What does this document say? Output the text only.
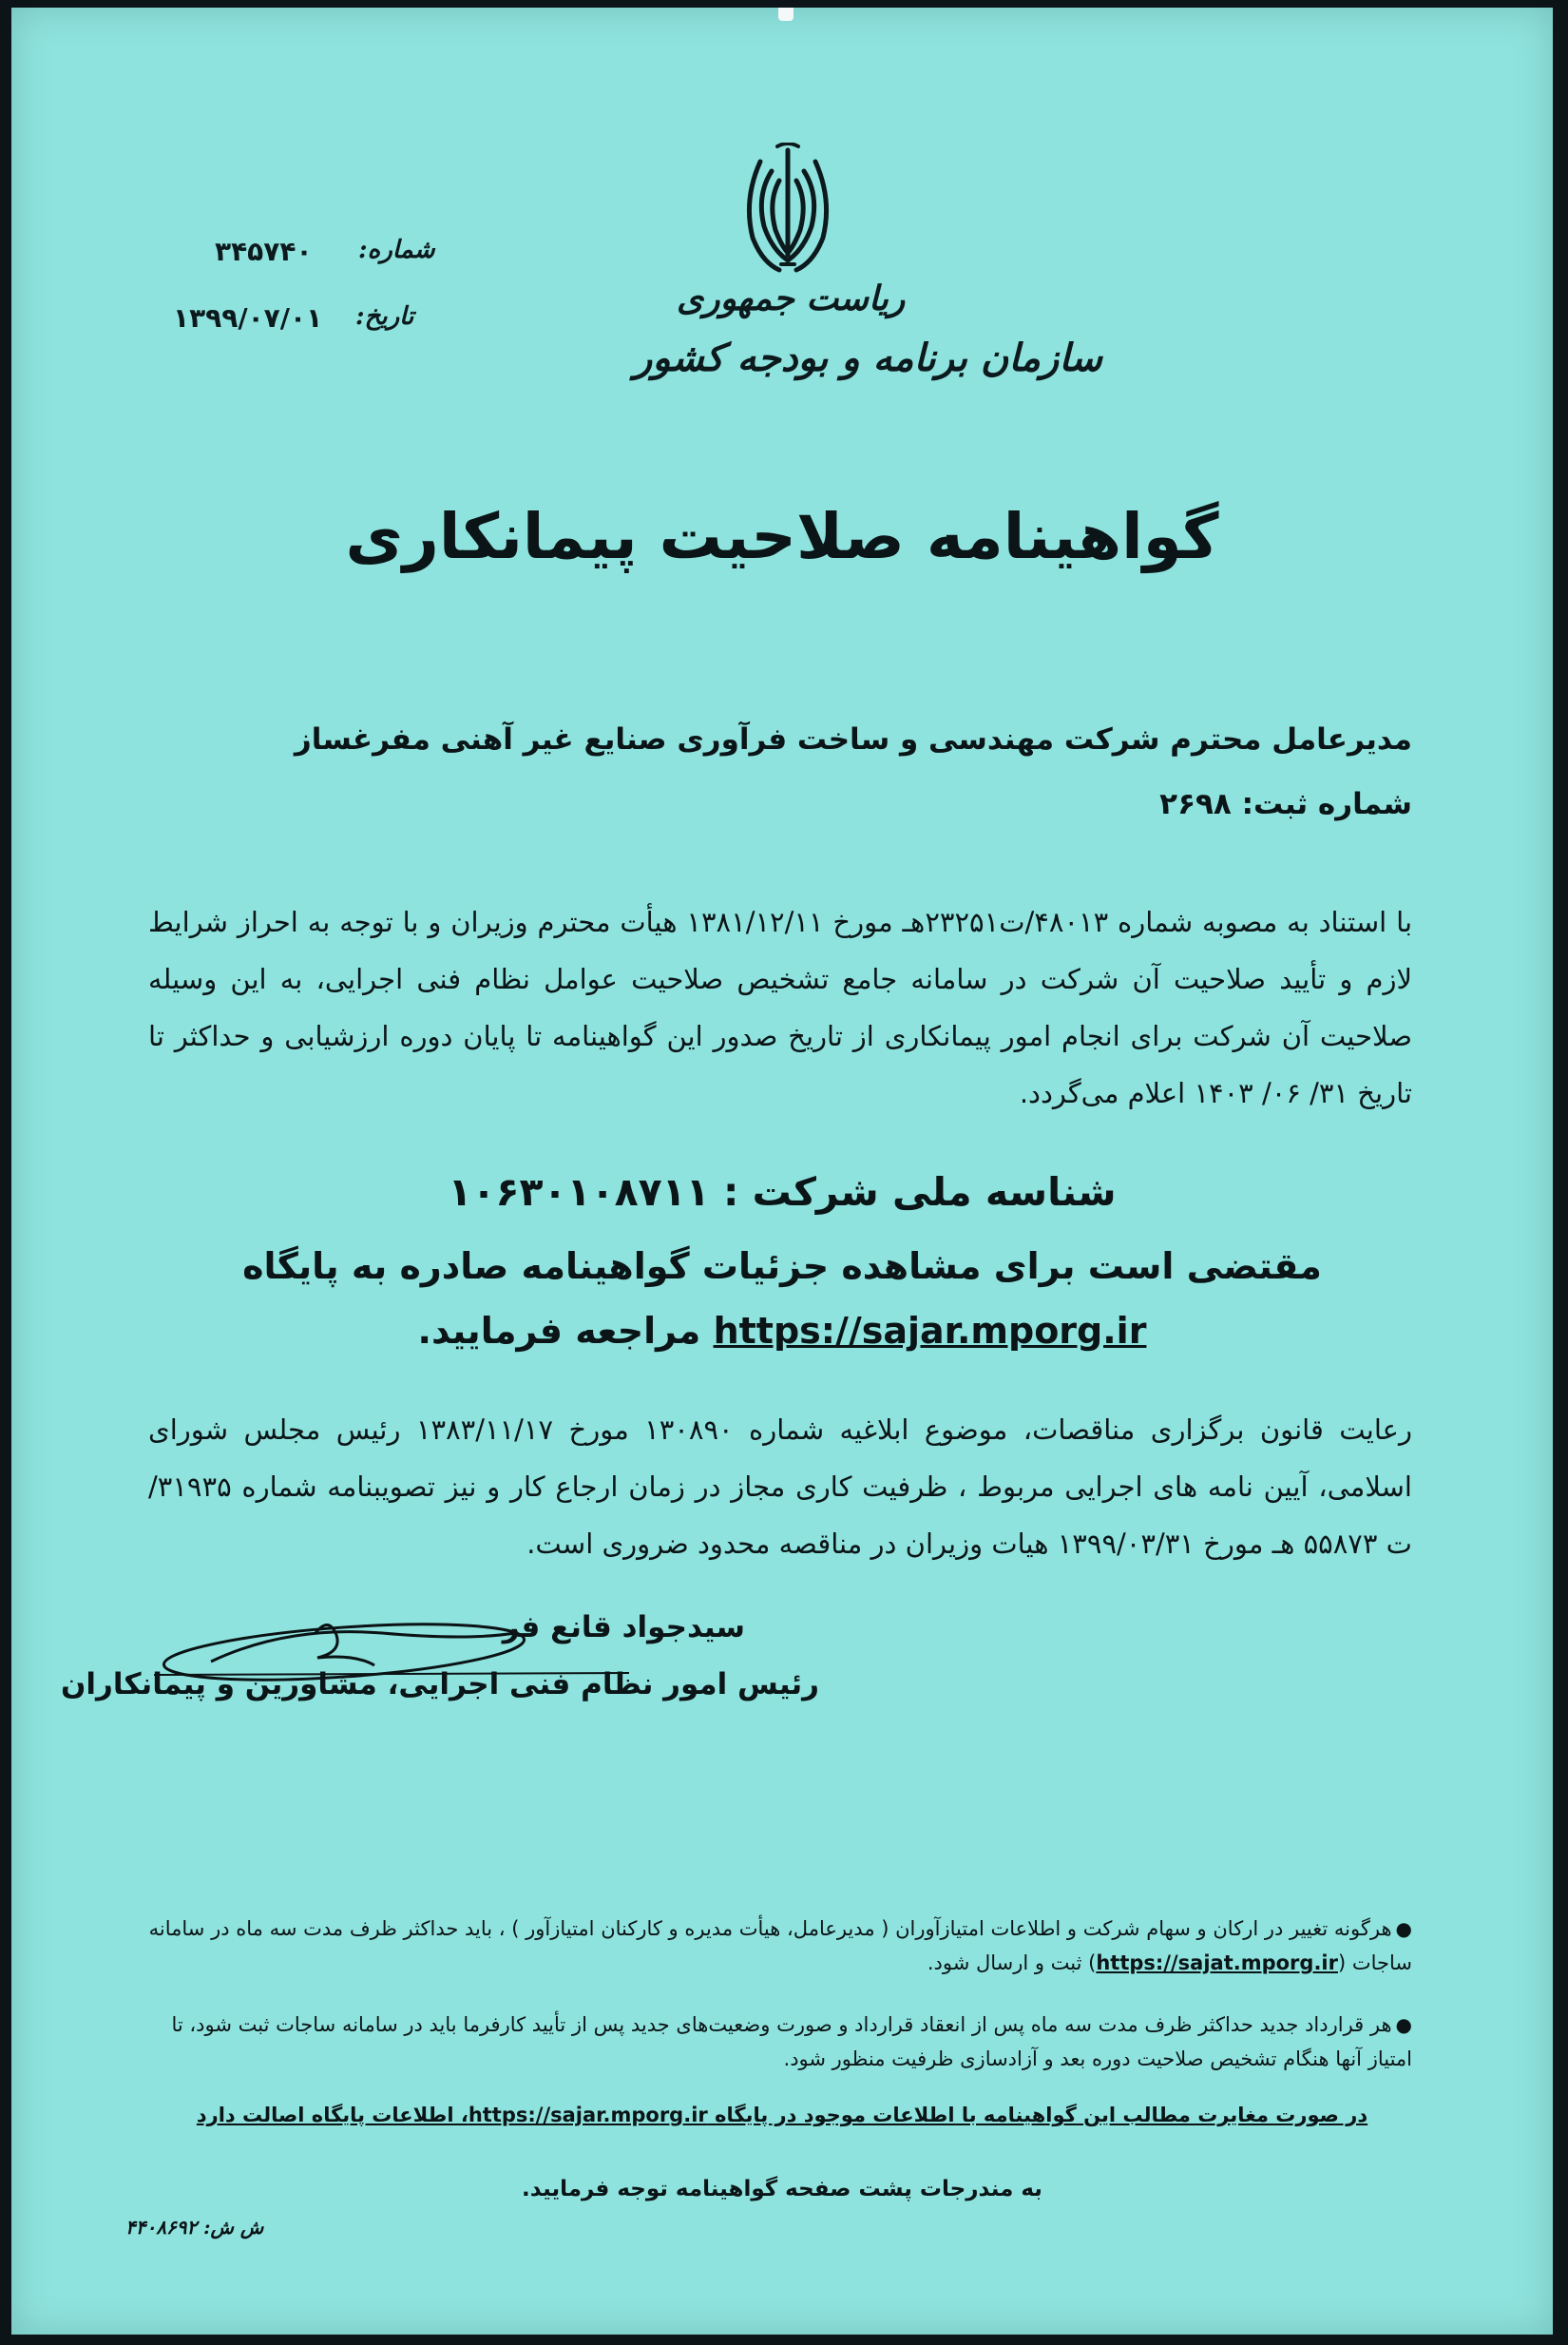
ریاست جمهوری
سازمان برنامه و بودجه کشور
شماره:
۳۴۵۷۴۰
تاریخ:
۱۳۹۹/۰۷/۰۱
گواهینامه صلاحیت پیمانکاری
مدیرعامل محترم شرکت مهندسی و ساخت فرآوری صنایع غیر آهنی مفرغساز
شماره ثبت: ۲۶۹۸
با استناد به مصوبه شماره ۴۸۰۱۳/ت۲۳۲۵۱هـ مورخ ۱۳۸۱/۱۲/۱۱ هیأت محترم وزیران و با توجه به احراز شرایط لازم و تأیید صلاحیت آن شرکت در سامانه جامع تشخیص صلاحیت عوامل نظام فنی اجرایی، به این وسیله صلاحیت آن شرکت برای انجام امور پیمانکاری از تاریخ صدور این گواهینامه تا پایان دوره ارزشیابی و حداکثر تا تاریخ ۳۱/ ۰۶/ ۱۴۰۳ اعلام می‌گردد.
شناسه ملی شرکت : ۱۰۶۳۰۱۰۸۷۱۱
مقتضی است برای مشاهده جزئیات گواهینامه صادره به پایگاه
https://sajar.mporg.ir مراجعه فرمایید.
رعایت قانون برگزاری مناقصات، موضوع ابلاغیه شماره ۱۳۰۸۹۰ مورخ ۱۳۸۳/۱۱/۱۷ رئیس مجلس شورای اسلامی، آیین نامه های اجرایی مربوط ، ظرفیت کاری مجاز در زمان ارجاع کار و نیز تصویبنامه شماره ۳۱۹۳۵/ت ۵۵۸۷۳ هـ مورخ ۱۳۹۹/۰۳/۳۱ هیات وزیران در مناقصه محدود ضروری است.
سیدجواد قانع فر
رئیس امور نظام فنی اجرایی، مشاورین و پیمانکاران
●هرگونه تغییر در ارکان و سهام شرکت و اطلاعات امتیازآوران ( مدیرعامل، هیأت مدیره و کارکنان امتیازآور ) ، باید حداکثر ظرف مدت سه ماه در سامانه ساجات (https://sajat.mporg.ir) ثبت و ارسال شود.
●هر قرارداد جدید حداکثر ظرف مدت سه ماه پس از انعقاد قرارداد و صورت وضعیت‌های جدید پس از تأیید کارفرما باید در سامانه ساجات ثبت شود، تا امتیاز آنها هنگام تشخیص صلاحیت دوره بعد و آزادسازی ظرفیت منظور شود.
در صورت مغایرت مطالب این گواهینامه با اطلاعات موجود در پایگاه https://sajar.mporg.ir، اطلاعات پایگاه اصالت دارد
به مندرجات پشت صفحه گواهینامه توجه فرمایید.
ش ش: ۴۴۰۸۶۹۲
